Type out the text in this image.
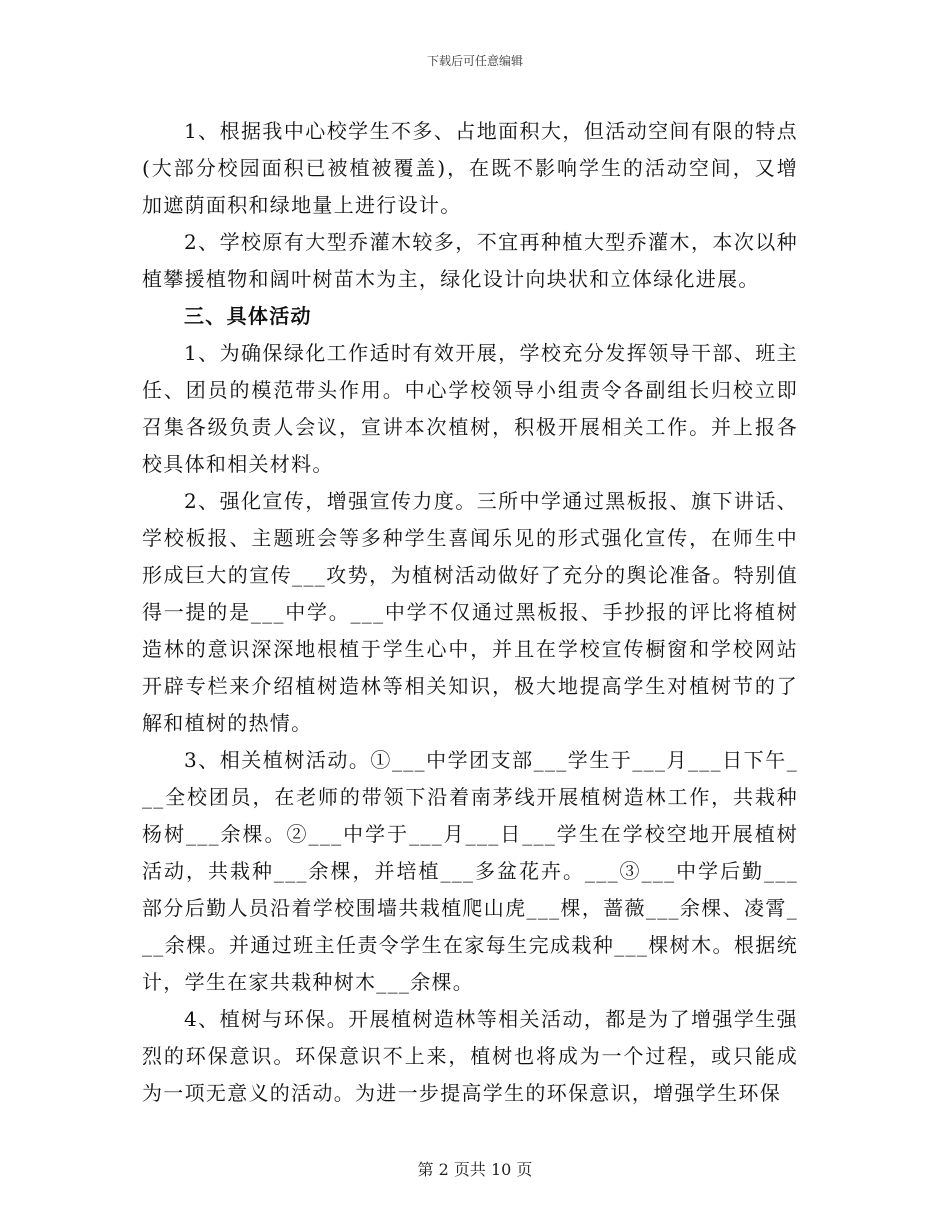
下载后可任意编辑

1、根据我中心校学生不多、占地面积大，但活动空间有限的特点(大部分校园面积已被植被覆盖)，在既不影响学生的活动空间，又增加遮荫面积和绿地量上进行设计。

2、学校原有大型乔灌木较多，不宜再种植大型乔灌木，本次以种植攀援植物和阔叶树苗木为主，绿化设计向块状和立体绿化进展。

三、具体活动

1、为确保绿化工作适时有效开展，学校充分发挥领导干部、班主任、团员的模范带头作用。中心学校领导小组责令各副组长归校立即召集各级负责人会议，宣讲本次植树，积极开展相关工作。并上报各校具体和相关材料。

2、强化宣传，增强宣传力度。三所中学通过黑板报、旗下讲话、学校板报、主题班会等多种学生喜闻乐见的形式强化宣传，在师生中形成巨大的宣传___攻势，为植树活动做好了充分的舆论准备。特别值得一提的是___中学。___中学不仅通过黑板报、手抄报的评比将植树造林的意识深深地根植于学生心中，并且在学校宣传橱窗和学校网站开辟专栏来介绍植树造林等相关知识，极大地提高学生对植树节的了解和植树的热情。

3、相关植树活动。①___中学团支部___学生于___月___日下午___全校团员，在老师的带领下沿着南茅线开展植树造林工作，共栽种杨树___余棵。②___中学于___月___日___学生在学校空地开展植树活动，共栽种___余棵，并培植___多盆花卉。___③___中学后勤___部分后勤人员沿着学校围墙共栽植爬山虎___棵，蔷薇___余棵、凌霄___余棵。并通过班主任责令学生在家每生完成栽种___棵树木。根据统计，学生在家共栽种树木___余棵。

4、植树与环保。开展植树造林等相关活动，都是为了增强学生强烈的环保意识。环保意识不上来，植树也将成为一个过程，或只能成为一项无意义的活动。为进一步提高学生的环保意识，增强学生环保

第 2 页共 10 页
